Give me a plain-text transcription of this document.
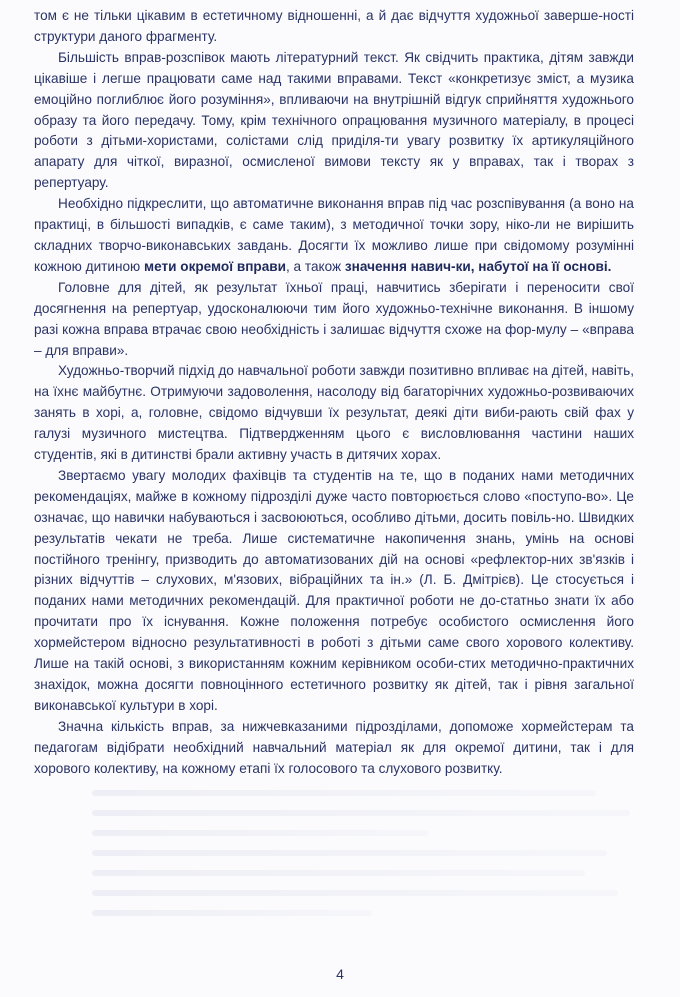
том є не тільки цікавим в естетичному відношенні, а й дає відчуття художньої заверше-ності структури даного фрагменту.

Більшість вправ-розспівок мають літературний текст. Як свідчить практика, дітям завжди цікавіше і легше працювати саме над такими вправами. Текст «конкретизує зміст, а музика емоційно поглиблює його розуміння», впливаючи на внутрішній відгук сприйняття художнього образу та його передачу. Тому, крім технічного опрацювання музичного матеріалу, в процесі роботи з дітьми-хористами, солістами слід приділя-ти увагу розвитку їх артикуляційного апарату для чіткої, виразної, осмисленої вимови тексту як у вправах, так і творах з репертуару.

Необхідно підкреслити, що автоматичне виконання вправ під час розспівування (а воно на практиці, в більшості випадків, є саме таким), з методичної точки зору, ніко-ли не вирішить складних творчо-виконавських завдань. Досягти їх можливо лише при свідомому розумінні кожною дитиною мети окремої вправи, а також значення навич-ки, набутої на її основі.

Головне для дітей, як результат їхньої праці, навчитись зберігати і переносити свої досягнення на репертуар, удосконалюючи тим його художньо-технічне виконання. В іншому разі кожна вправа втрачає свою необхідність і залишає відчуття схоже на фор-мулу – «вправа – для вправи».

Художньо-творчий підхід до навчальної роботи завжди позитивно впливає на дітей, навіть, на їхнє майбутнє. Отримуючи задоволення, насолоду від багаторічних художньо-розвиваючих занять в хорі, а, головне, свідомо відчувши їх результат, деякі діти виби-рають свій фах у галузі музичного мистецтва. Підтвердженням цього є висловлювання частини наших студентів, які в дитинстві брали активну участь в дитячих хорах.

Звертаємо увагу молодих фахівців та студентів на те, що в поданих нами методичних рекомендаціях, майже в кожному підрозділі дуже часто повторюється слово «поступо-во». Це означає, що навички набуваються і засвоюються, особливо дітьми, досить повіль-но. Швидких результатів чекати не треба. Лише систематичне накопичення знань, умінь на основі постійного тренінгу, призводить до автоматизованих дій на основі «рефлектор-них зв'язків і різних відчуттів – слухових, м'язових, вібраційних та ін.» (Л. Б. Дмітрієв). Це стосується і поданих нами методичних рекомендацій. Для практичної роботи не до-статньо знати їх або прочитати про їх існування. Кожне положення потребує особистого осмислення його хормейстером відносно результативності в роботі з дітьми саме свого хорового колективу. Лише на такій основі, з використанням кожним керівником особи-стих методично-практичних знахідок, можна досягти повноцінного естетичного розвитку як дітей, так і рівня загальної виконавської культури в хорі.

Значна кількість вправ, за нижчевказаними підрозділами, допоможе хормейстерам та педагогам відібрати необхідний навчальний матеріал як для окремої дитини, так і для хорового колективу, на кожному етапі їх голосового та слухового розвитку.

4
